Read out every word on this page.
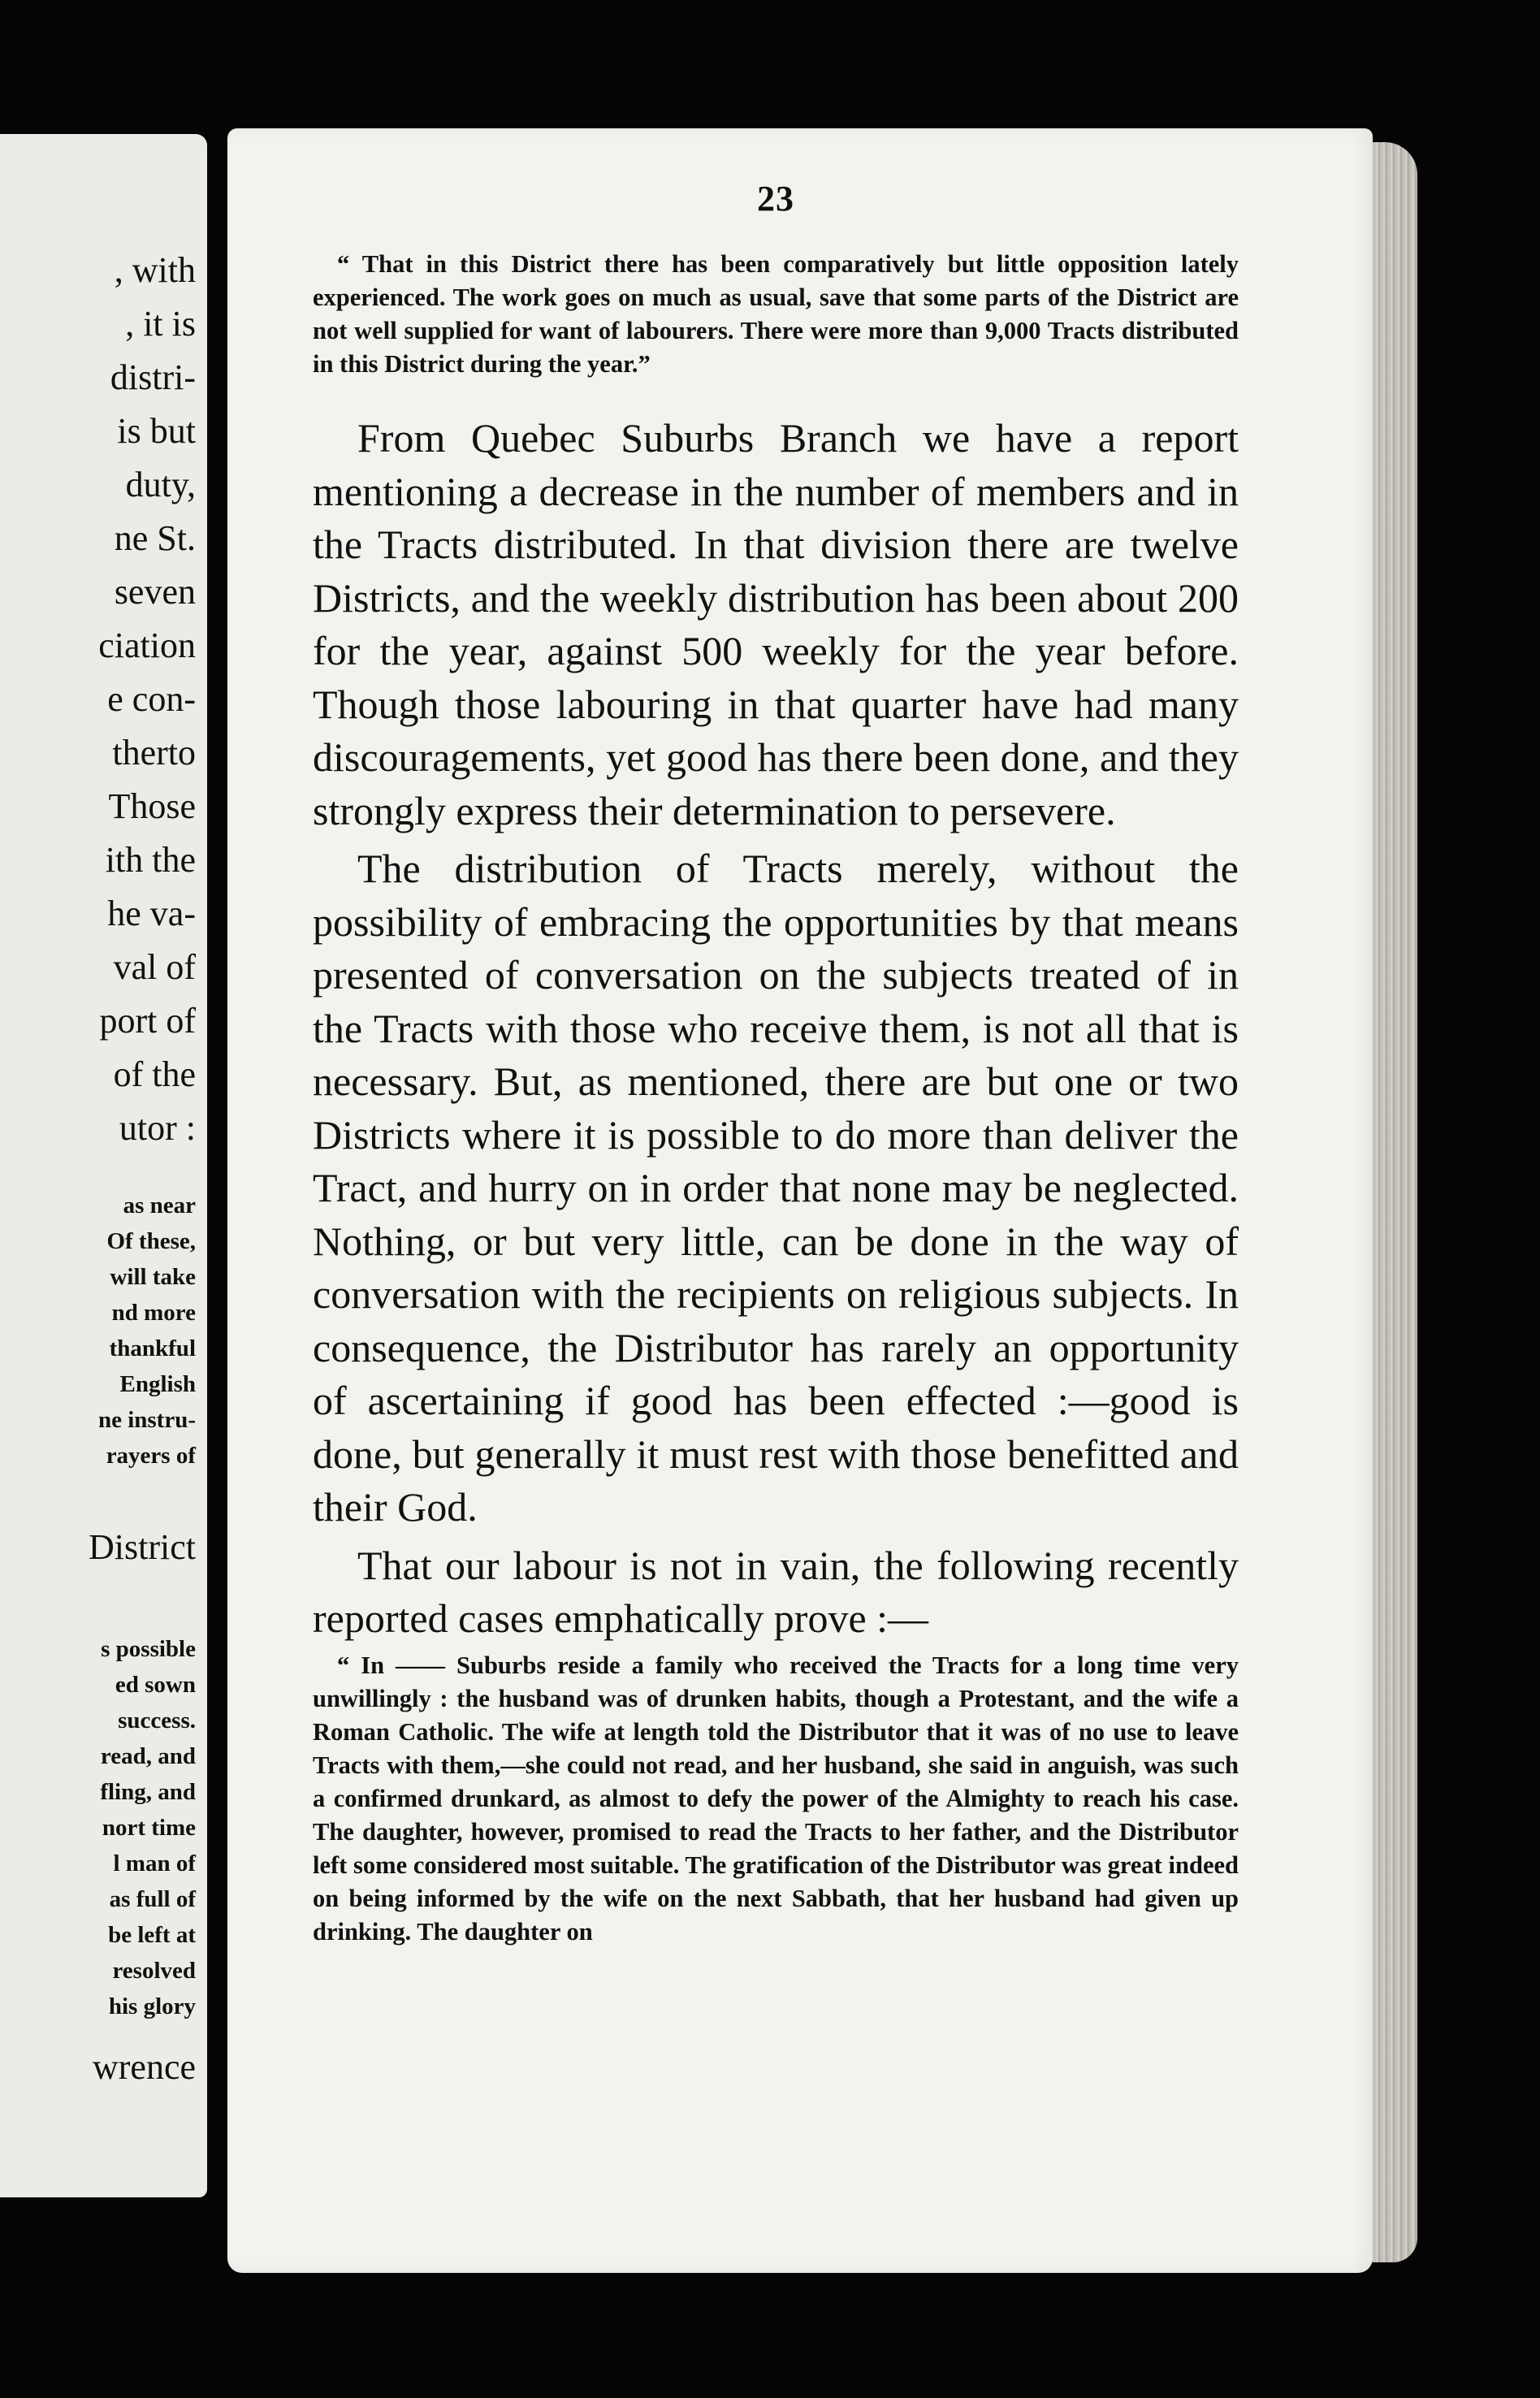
, with
, it is
distri-
is but
duty,
ne St.
seven
ciation
e con-
therto
Those
ith the
he va-
val of
port of
of the
utor :
as near
Of these,
will take
nd more
thankful
English
ne instru-
rayers of
District
s possible
ed sown
success.
read, and
fling, and
nort time
l man of
as full of
be left at
resolved
his glory
wrence
23

“ That in this District there has been comparatively but little opposition lately experienced. The work goes on much as usual, save that some parts of the District are not well supplied for want of labourers. There were more than 9,000 Tracts distributed in this District during the year.”

From Quebec Suburbs Branch we have a report mentioning a decrease in the number of members and in the Tracts distributed. In that division there are twelve Districts, and the weekly distribution has been about 200 for the year, against 500 weekly for the year before. Though those labouring in that quarter have had many discouragements, yet good has there been done, and they strongly express their determination to persevere.

The distribution of Tracts merely, without the possibility of embracing the opportunities by that means presented of conversation on the subjects treated of in the Tracts with those who receive them, is not all that is necessary. But, as mentioned, there are but one or two Districts where it is possible to do more than deliver the Tract, and hurry on in order that none may be neglected. Nothing, or but very little, can be done in the way of conversation with the recipients on religious subjects. In consequence, the Distributor has rarely an opportunity of ascertaining if good has been effected :—good is done, but generally it must rest with those benefitted and their God.

That our labour is not in vain, the following recently reported cases emphatically prove :—

“ In —— Suburbs reside a family who received the Tracts for a long time very unwillingly : the husband was of drunken habits, though a Protestant, and the wife a Roman Catholic. The wife at length told the Distributor that it was of no use to leave Tracts with them,—she could not read, and her husband, she said in anguish, was such a confirmed drunkard, as almost to defy the power of the Almighty to reach his case. The daughter, however, promised to read the Tracts to her father, and the Distributor left some considered most suitable. The gratification of the Distributor was great indeed on being informed by the wife on the next Sabbath, that her husband had given up drinking. The daughter on
